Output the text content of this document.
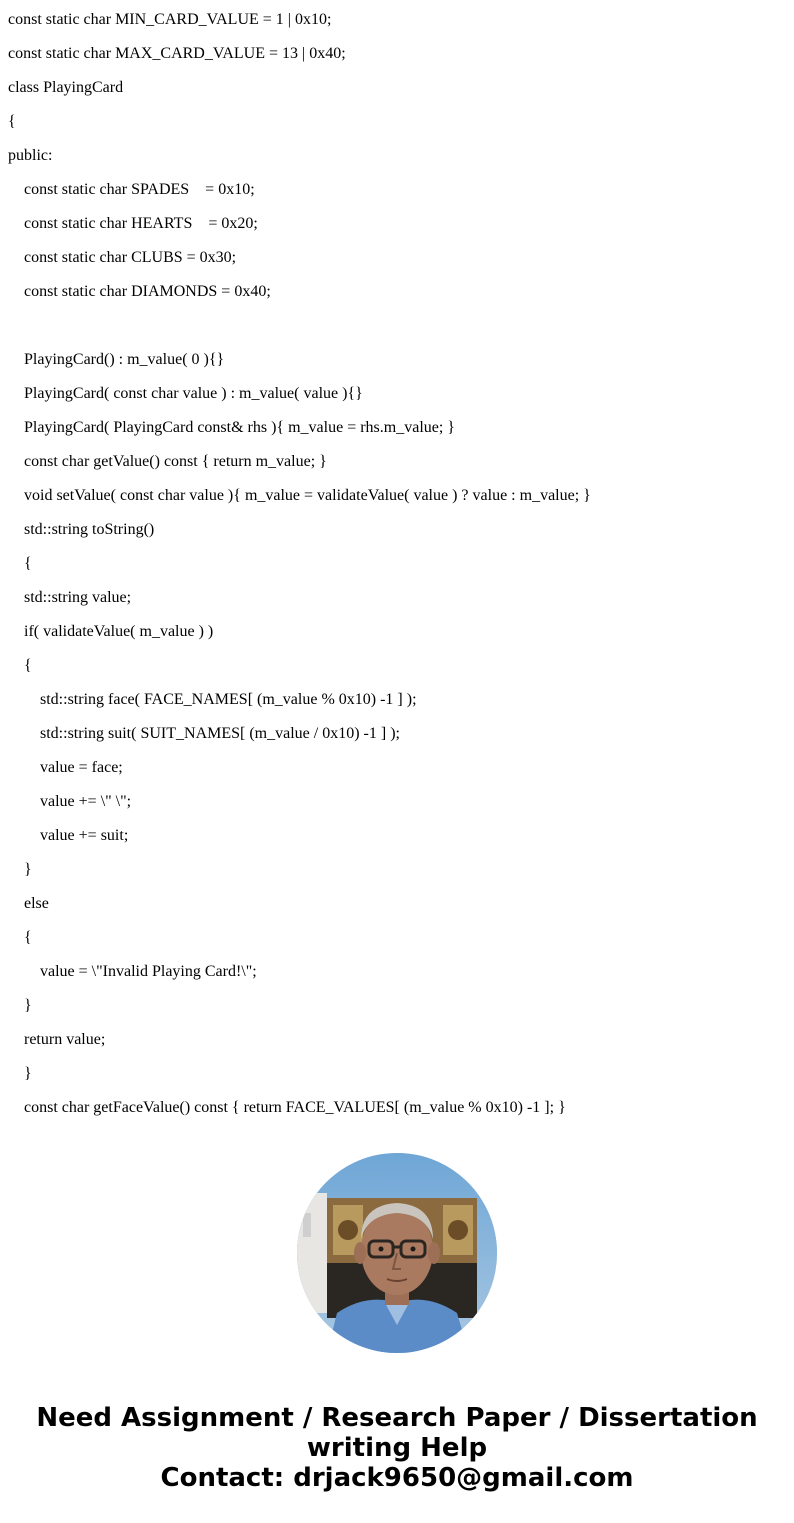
const static char MIN_CARD_VALUE = 1 | 0x10;
const static char MAX_CARD_VALUE = 13 | 0x40;
class PlayingCard
{
public:
const static char SPADES    = 0x10;
const static char HEARTS    = 0x20;
const static char CLUBS = 0x30;
const static char DIAMONDS = 0x40;
PlayingCard() : m_value( 0 ){}
PlayingCard( const char value ) : m_value( value ){}
PlayingCard( PlayingCard const& rhs ){ m_value = rhs.m_value; }
const char getValue() const { return m_value; }
void setValue( const char value ){ m_value = validateValue( value ) ? value : m_value; }
std::string toString()
{
std::string value;
if( validateValue( m_value ) )
{
std::string face( FACE_NAMES[ (m_value % 0x10) -1 ] );
std::string suit( SUIT_NAMES[ (m_value / 0x10) -1 ] );
value = face;
value += \" \";
value += suit;
}
else
{
value = \"Invalid Playing Card!\";
}
return value;
}
const char getFaceValue() const { return FACE_VALUES[ (m_value % 0x10) -1 ]; }
Need Assignment / Research Paper / Dissertation
writing Help
Contact: drjack9650@gmail.com
